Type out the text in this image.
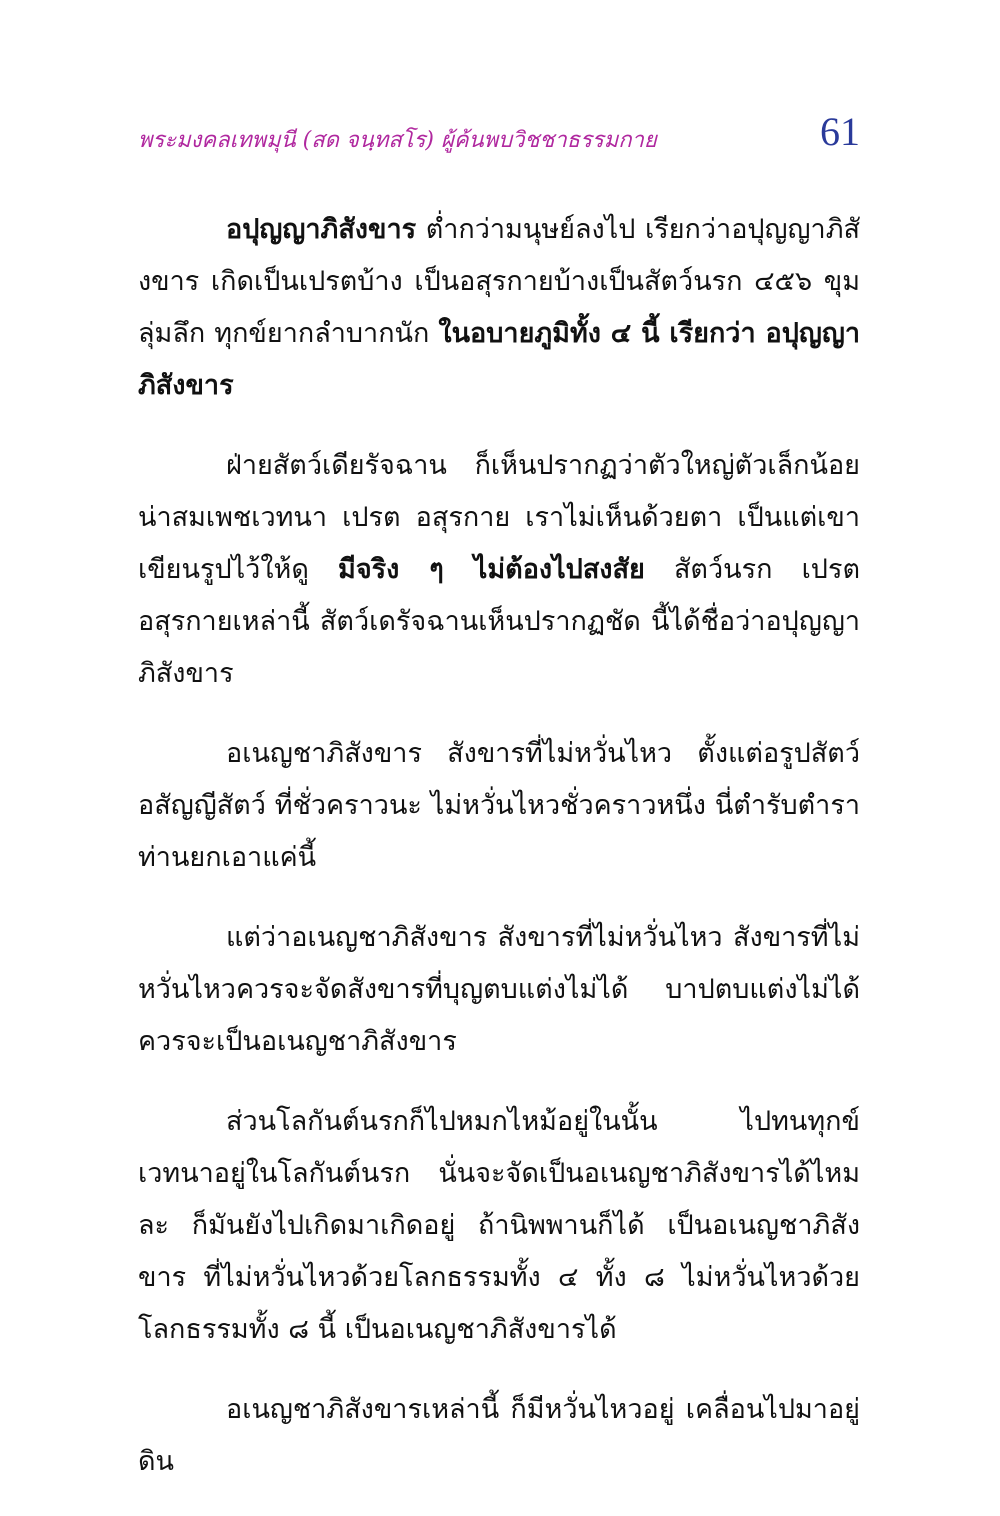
พระมงคลเทพมุนี (สด จนฺทสโร) ผู้ค้นพบวิชชาธรรมกาย	61

อปุญญาภิสังขาร ต่ำกว่ามนุษย์ลงไป เรียกว่าอปุญญาภิสังขาร เกิดเป็นเปรตบ้าง เป็นอสุรกายบ้างเป็นสัตว์นรก ๔๕๖ ขุม ลุ่มลึก ทุกข์ยากลำบากนัก ในอบายภูมิทั้ง ๔ นี้ เรียกว่า อปุญญาภิสังขาร

ฝ่ายสัตว์เดียรัจฉาน ก็เห็นปรากฏว่าตัวใหญ่ตัวเล็กน้อยน่าสมเพชเวทนา เปรต อสุรกาย เราไม่เห็นด้วยตา เป็นแต่เขาเขียนรูปไว้ให้ดู มีจริง ๆ ไม่ต้องไปสงสัย สัตว์นรก เปรต อสุรกายเหล่านี้ สัตว์เดรัจฉานเห็นปรากฏชัด นี้ได้ชื่อว่าอปุญญาภิสังขาร

อเนญชาภิสังขาร สังขารที่ไม่หวั่นไหว ตั้งแต่อรูปสัตว์ อสัญญีสัตว์ ที่ชั่วคราวนะ ไม่หวั่นไหวชั่วคราวหนึ่ง นี่ตำรับตำรา ท่านยกเอาแค่นี้

แต่ว่าอเนญชาภิสังขาร สังขารที่ไม่หวั่นไหว สังขารที่ไม่หวั่นไหวควรจะจัดสังขารที่บุญตบแต่งไม่ได้ บาปตบแต่งไม่ได้ ควรจะเป็นอเนญชาภิสังขาร

ส่วนโลกันต์นรกก็ไปหมกไหม้อยู่ในนั้น ไปทนทุกข์เวทนาอยู่ในโลกันต์นรก นั่นจะจัดเป็นอเนญชาภิสังขารได้ไหมละ ก็มันยังไปเกิดมาเกิดอยู่ ถ้านิพพานก็ได้ เป็นอเนญชาภิสังขาร ที่ไม่หวั่นไหวด้วยโลกธรรมทั้ง ๔ ทั้ง ๘ ไม่หวั่นไหวด้วยโลกธรรมทั้ง ๘ นี้ เป็นอเนญชาภิสังขารได้

อเนญชาภิสังขารเหล่านี้ ก็มีหวั่นไหวอยู่ เคลื่อนไปมาอยู่ ดิน
